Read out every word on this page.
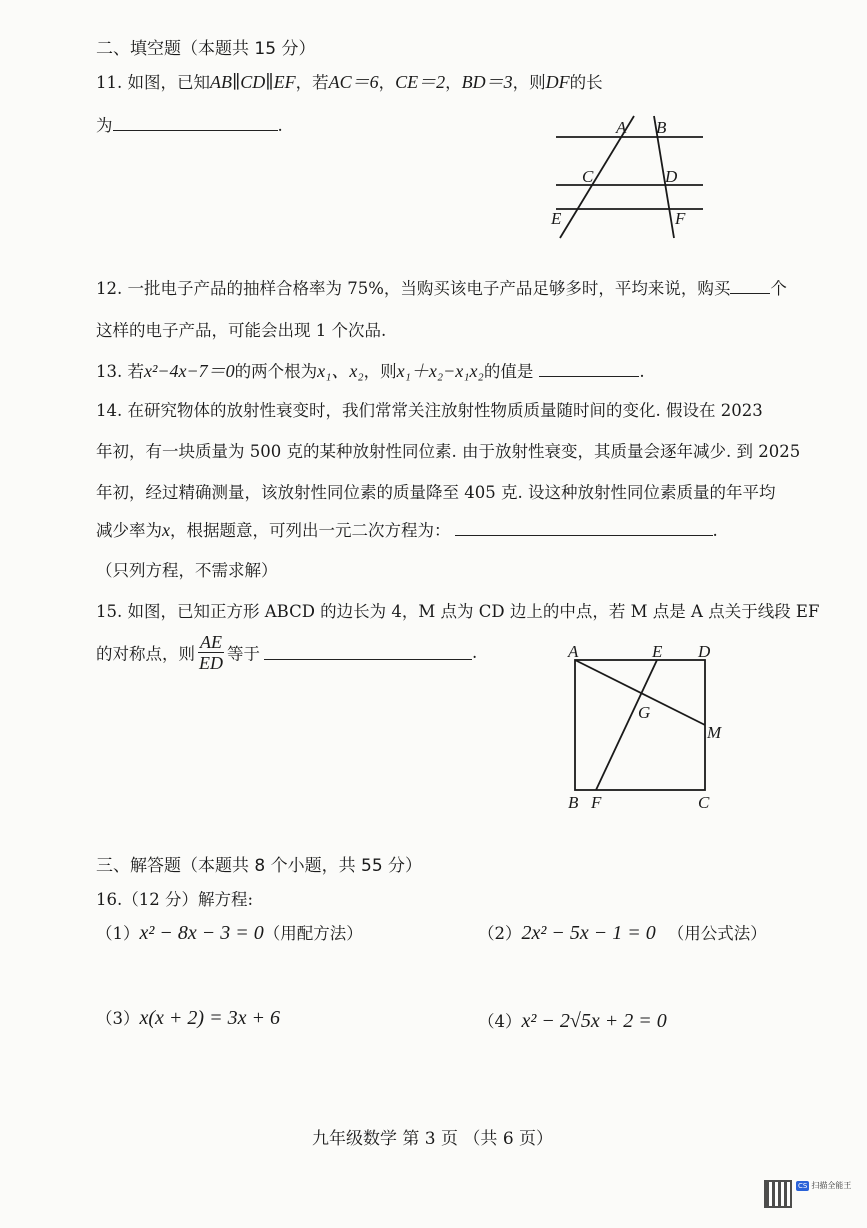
二、填空题（本题共 15 分）
11. 如图，已知AB∥CD∥EF，若AC＝6，CE＝2，BD＝3，则DF的长
为	.	A B
C	D
E	F
12. 一批电子产品的抽样合格率为 75%，当购买该电子产品足够多时，平均来说，购买 个
这样的电子产品，可能会出现 1 个次品.
13. 若x²−4x−7＝0的两个根为x₁、x₂，则x₁＋x₂−x₁x₂的值是	.
14. 在研究物体的放射性衰变时，我们常常关注放射性物质质量随时间的变化. 假设在 2023
年初，有一块质量为 500 克的某种放射性同位素. 由于放射性衰变，其质量会逐年减少. 到 2025
年初，经过精确测量，该放射性同位素的质量降至 405 克. 设这种放射性同位素质量的年平均
减少率为x，根据题意，可列出一元二次方程为：	.
（只列方程，不需求解）
15. 如图，已知正方形 ABCD 的边长为 4，M 点为 CD 边上的中点，若 M 点是 A 点关于线段 EF
的对称点，则 $\frac{AE}{ED}$ 等于	.	A	E D
G
M
B F	C
三、解答题（本题共 8 个小题，共 55 分）
16.（12 分）解方程:
（1）x² − 8x − 3 = 0（用配方法）	（2）2x² − 5x − 1 = 0 （用公式法）
（3）x(x + 2) = 3x + 6	（4）x² − 2√5x + 2 = 0
九年级数学 第 3 页 （共 6 页）
CS 扫描全能王
